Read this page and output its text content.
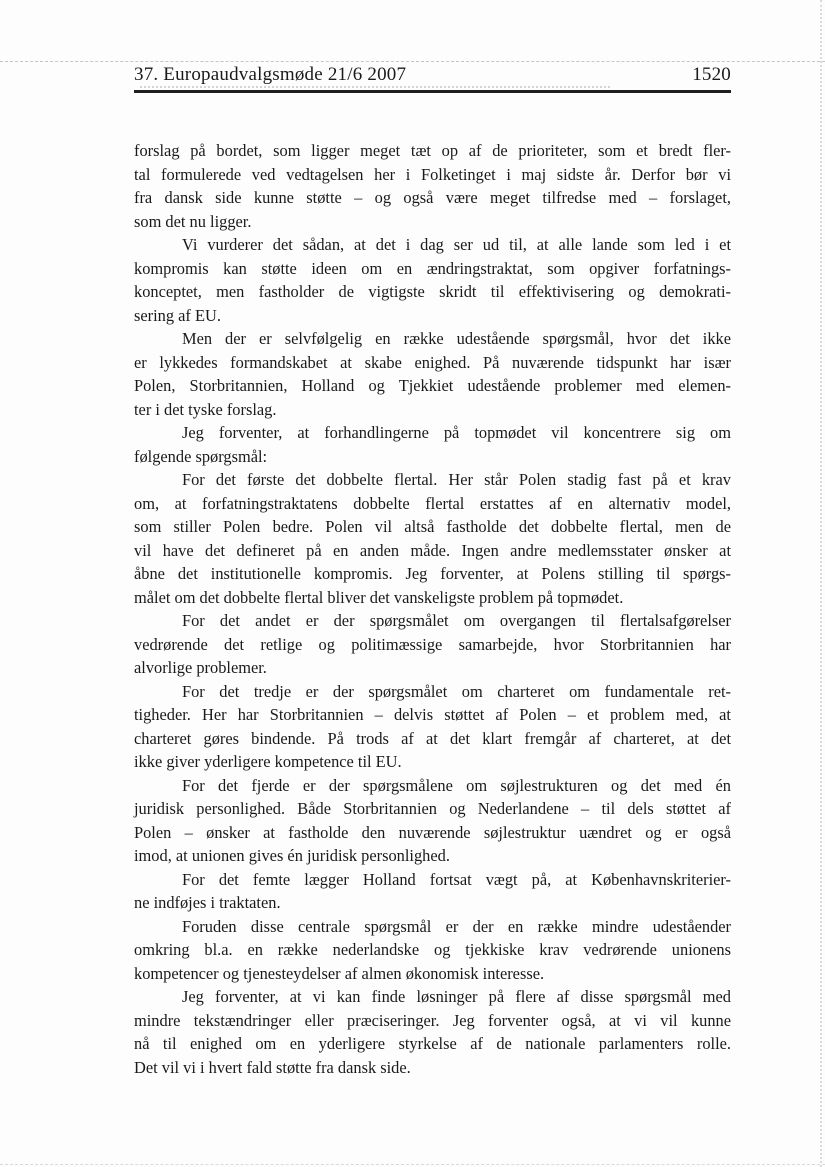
37. Europaudvalgsmøde 21/6 2007	1520
forslag på bordet, som ligger meget tæt op af de prioriteter, som et bredt fler-
tal formulerede ved vedtagelsen her i Folketinget i maj sidste år. Derfor bør vi
fra dansk side kunne støtte – og også være meget tilfredse med – forslaget,
som det nu ligger.
Vi vurderer det sådan, at det i dag ser ud til, at alle lande som led i et
kompromis kan støtte ideen om en ændringstraktat, som opgiver forfatnings-
konceptet, men fastholder de vigtigste skridt til effektivisering og demokrati-
sering af EU.
Men der er selvfølgelig en række udestående spørgsmål, hvor det ikke
er lykkedes formandskabet at skabe enighed. På nuværende tidspunkt har især
Polen, Storbritannien, Holland og Tjekkiet udestående problemer med elemen-
ter i det tyske forslag.
Jeg forventer, at forhandlingerne på topmødet vil koncentrere sig om
følgende spørgsmål:
For det første det dobbelte flertal. Her står Polen stadig fast på et krav
om, at forfatningstraktatens dobbelte flertal erstattes af en alternativ model,
som stiller Polen bedre. Polen vil altså fastholde det dobbelte flertal, men de
vil have det defineret på en anden måde. Ingen andre medlemsstater ønsker at
åbne det institutionelle kompromis. Jeg forventer, at Polens stilling til spørgs-
målet om det dobbelte flertal bliver det vanskeligste problem på topmødet.
For det andet er der spørgsmålet om overgangen til flertalsafgørelser
vedrørende det retlige og politimæssige samarbejde, hvor Storbritannien har
alvorlige problemer.
For det tredje er der spørgsmålet om charteret om fundamentale ret-
tigheder. Her har Storbritannien – delvis støttet af Polen – et problem med, at
charteret gøres bindende. På trods af at det klart fremgår af charteret, at det
ikke giver yderligere kompetence til EU.
For det fjerde er der spørgsmålene om søjlestrukturen og det med én
juridisk personlighed. Både Storbritannien og Nederlandene – til dels støttet af
Polen – ønsker at fastholde den nuværende søjlestruktur uændret og er også
imod, at unionen gives én juridisk personlighed.
For det femte lægger Holland fortsat vægt på, at Københavnskriterier-
ne indføjes i traktaten.
Foruden disse centrale spørgsmål er der en række mindre udeståender
omkring bl.a. en række nederlandske og tjekkiske krav vedrørende unionens
kompetencer og tjenesteydelser af almen økonomisk interesse.
Jeg forventer, at vi kan finde løsninger på flere af disse spørgsmål med
mindre tekstændringer eller præciseringer. Jeg forventer også, at vi vil kunne
nå til enighed om en yderligere styrkelse af de nationale parlamenters rolle.
Det vil vi i hvert fald støtte fra dansk side.
